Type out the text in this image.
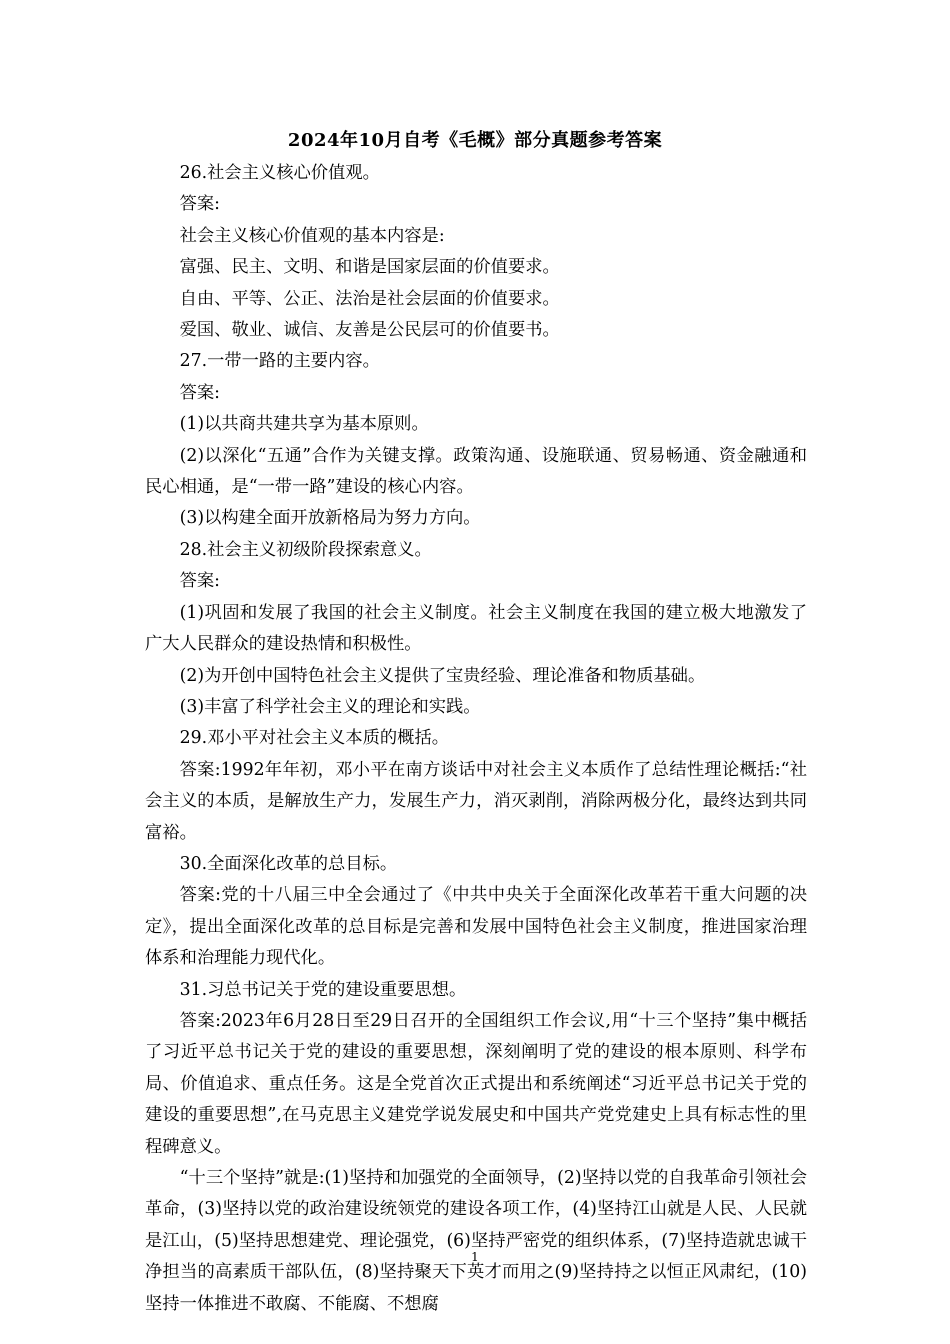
2024年10月自考《毛概》部分真题参考答案

26.社会主义核心价值观。

答案:

社会主义核心价值观的基本内容是:

富强、民主、文明、和谐是国家层面的价值要求。

自由、平等、公正、法治是社会层面的价值要求。

爱国、敬业、诚信、友善是公民层可的价值要书。

27.一带一路的主要内容。

答案:

(1)以共商共建共享为基本原则。

(2)以深化“五通”合作为关键支撑。政策沟通、设施联通、贸易畅通、资金融通和民心相通，是“一带一路”建设的核心内容。

(3)以构建全面开放新格局为努力方向。

28.社会主义初级阶段探索意义。

答案:

(1)巩固和发展了我国的社会主义制度。社会主义制度在我国的建立极大地激发了广大人民群众的建设热情和积极性。

(2)为开创中国特色社会主义提供了宝贵经验、理论准备和物质基础。

(3)丰富了科学社会主义的理论和实践。

29.邓小平对社会主义本质的概括。

答案:1992年年初，邓小平在南方谈话中对社会主义本质作了总结性理论概括:“社会主义的本质，是解放生产力，发展生产力，消灭剥削，消除两极分化，最终达到共同富裕。

30.全面深化改革的总目标。

答案:党的十八届三中全会通过了《中共中央关于全面深化改革若干重大问题的决定》，提出全面深化改革的总目标是完善和发展中国特色社会主义制度，推进国家治理体系和治理能力现代化。

31.习总书记关于党的建设重要思想。

答案:2023年6月28日至29日召开的全国组织工作会议,用“十三个坚持”集中概括了习近平总书记关于党的建设的重要思想，深刻阐明了党的建设的根本原则、科学布局、价值追求、重点任务。这是全党首次正式提出和系统阐述“习近平总书记关于党的建设的重要思想”,在马克思主义建党学说发展史和中国共产党党建史上具有标志性的里程碑意义。

“十三个坚持”就是:(1)坚持和加强党的全面领导，(2)坚持以党的自我革命引领社会革命，(3)坚持以党的政治建设统领党的建设各项工作，(4)坚持江山就是人民、人民就是江山，(5)坚持思想建党、理论强党，(6)坚持严密党的组织体系，(7)坚持造就忠诚干净担当的高素质干部队伍，(8)坚持聚天下英才而用之(9)坚持持之以恒正风肃纪，(10)坚持一体推进不敢腐、不能腐、不想腐

1
